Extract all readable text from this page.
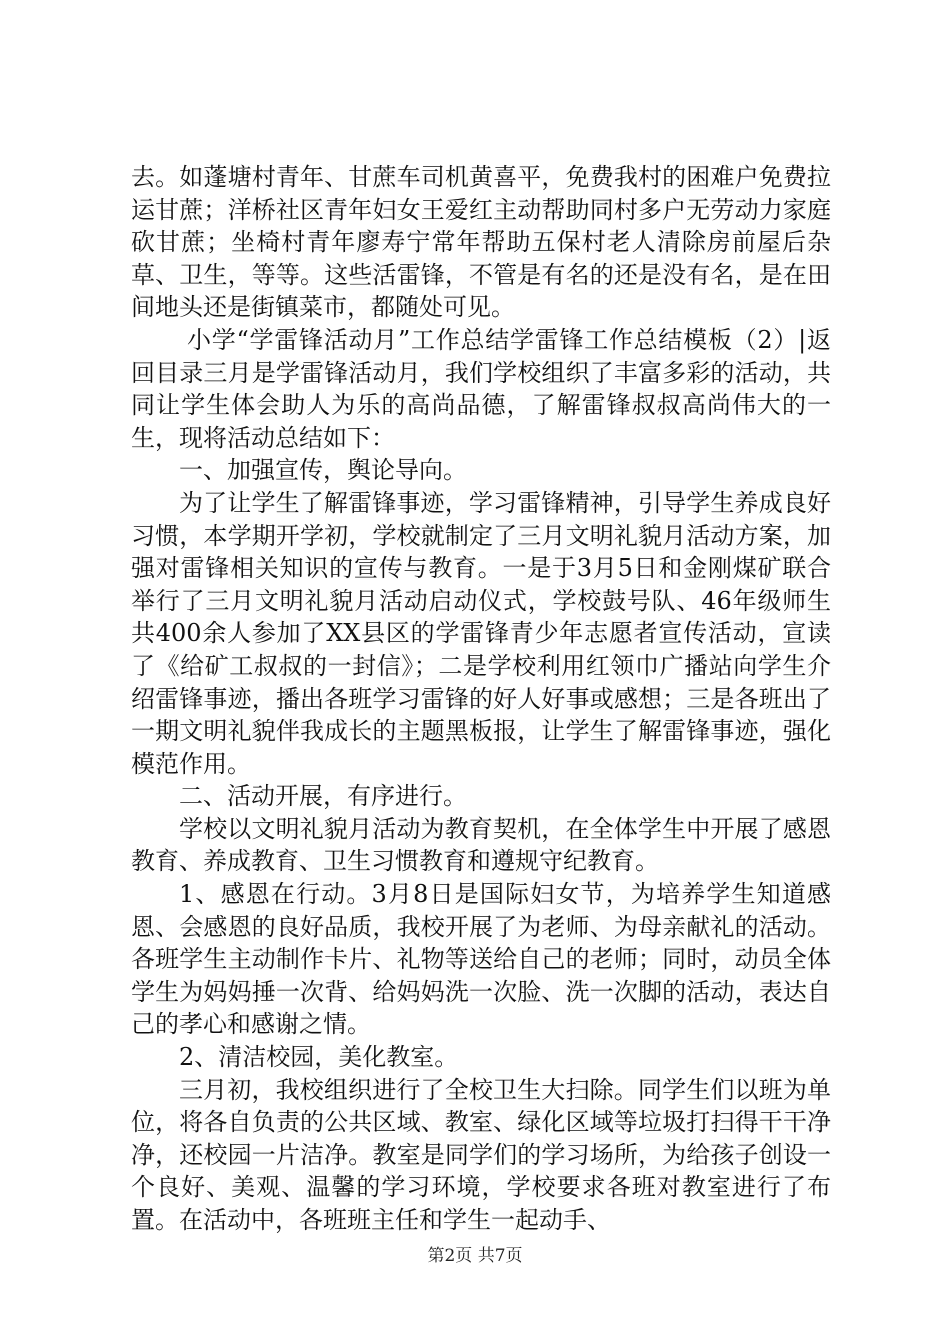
去。如蓬塘村青年、甘蔗车司机黄喜平，免费我村的困难户免费拉运甘蔗；洋桥社区青年妇女王爱红主动帮助同村多户无劳动力家庭砍甘蔗；坐椅村青年廖寿宁常年帮助五保村老人清除房前屋后杂草、卫生，等等。这些活雷锋，不管是有名的还是没有名，是在田间地头还是街镇菜市，都随处可见。

小学“学雷锋活动月”工作总结学雷锋工作总结模板（2）|返回目录三月是学雷锋活动月，我们学校组织了丰富多彩的活动，共同让学生体会助人为乐的高尚品德，了解雷锋叔叔高尚伟大的一生，现将活动总结如下：

一、加强宣传，舆论导向。

为了让学生了解雷锋事迹，学习雷锋精神，引导学生养成良好习惯，本学期开学初，学校就制定了三月文明礼貌月活动方案，加强对雷锋相关知识的宣传与教育。一是于3月5日和金刚煤矿联合举行了三月文明礼貌月活动启动仪式，学校鼓号队、46年级师生共400余人参加了XX县区的学雷锋青少年志愿者宣传活动，宣读了《给矿工叔叔的一封信》；二是学校利用红领巾广播站向学生介绍雷锋事迹，播出各班学习雷锋的好人好事或感想；三是各班出了一期文明礼貌伴我成长的主题黑板报，让学生了解雷锋事迹，强化模范作用。

二、活动开展，有序进行。

学校以文明礼貌月活动为教育契机，在全体学生中开展了感恩教育、养成教育、卫生习惯教育和遵规守纪教育。

1、感恩在行动。3月8日是国际妇女节，为培养学生知道感恩、会感恩的良好品质，我校开展了为老师、为母亲献礼的活动。各班学生主动制作卡片、礼物等送给自己的老师；同时，动员全体学生为妈妈捶一次背、给妈妈洗一次脸、洗一次脚的活动，表达自己的孝心和感谢之情。

2、清洁校园，美化教室。

三月初，我校组织进行了全校卫生大扫除。同学生们以班为单位，将各自负责的公共区域、教室、绿化区域等垃圾打扫得干干净净，还校园一片洁净。教室是同学们的学习场所，为给孩子创设一个良好、美观、温馨的学习环境，学校要求各班对教室进行了布置。在活动中，各班班主任和学生一起动手、

第2页 共7页
